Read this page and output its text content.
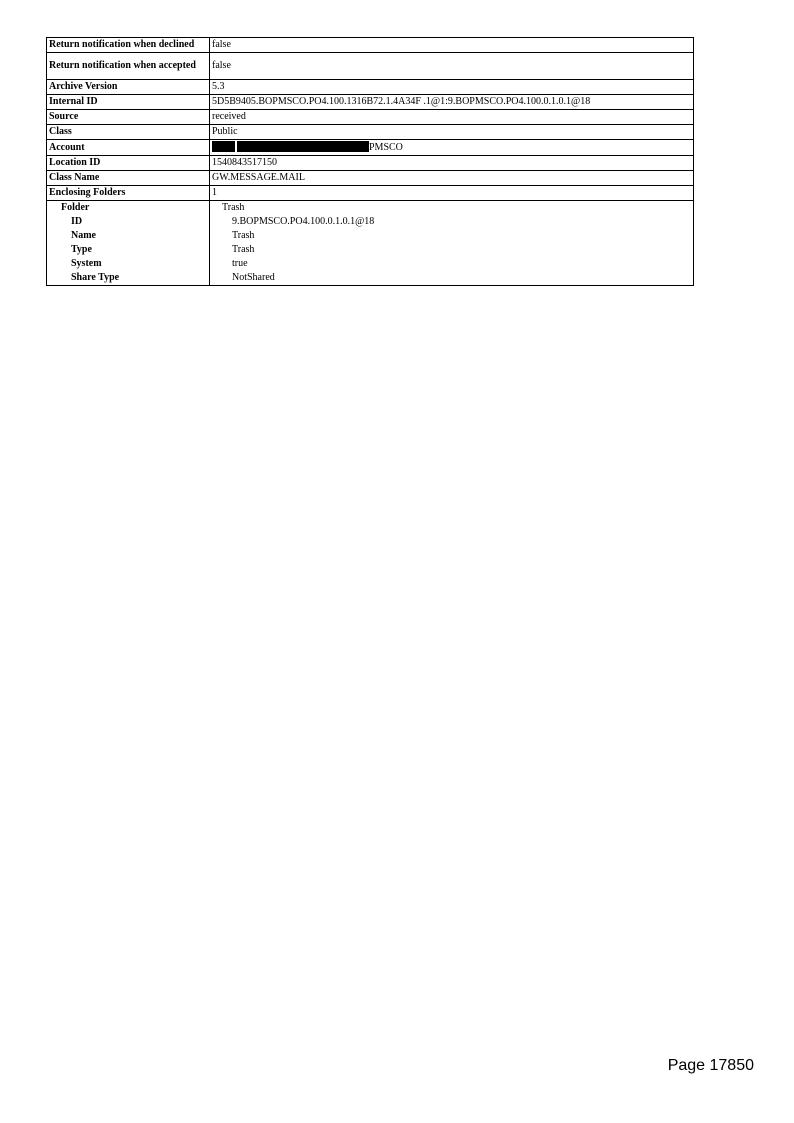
Return notification when declined	false
Return notification when accepted	false
Archive Version	5.3
Internal ID	5D5B9405.BOPMSCO.PO4.100.1316B72.1.4A34F .1@1:9.BOPMSCO.PO4.100.0.1.0.1@18
Source	received
Class	Public
Account	PMSCO
Location ID	1540843517150
Class Name	GW.MESSAGE.MAIL
Enclosing Folders	1
Folder	Trash
ID	9.BOPMSCO.PO4.100.0.1.0.1@18
Name	Trash
Type	Trash
System	true
Share Type	NotShared
Page 17850
